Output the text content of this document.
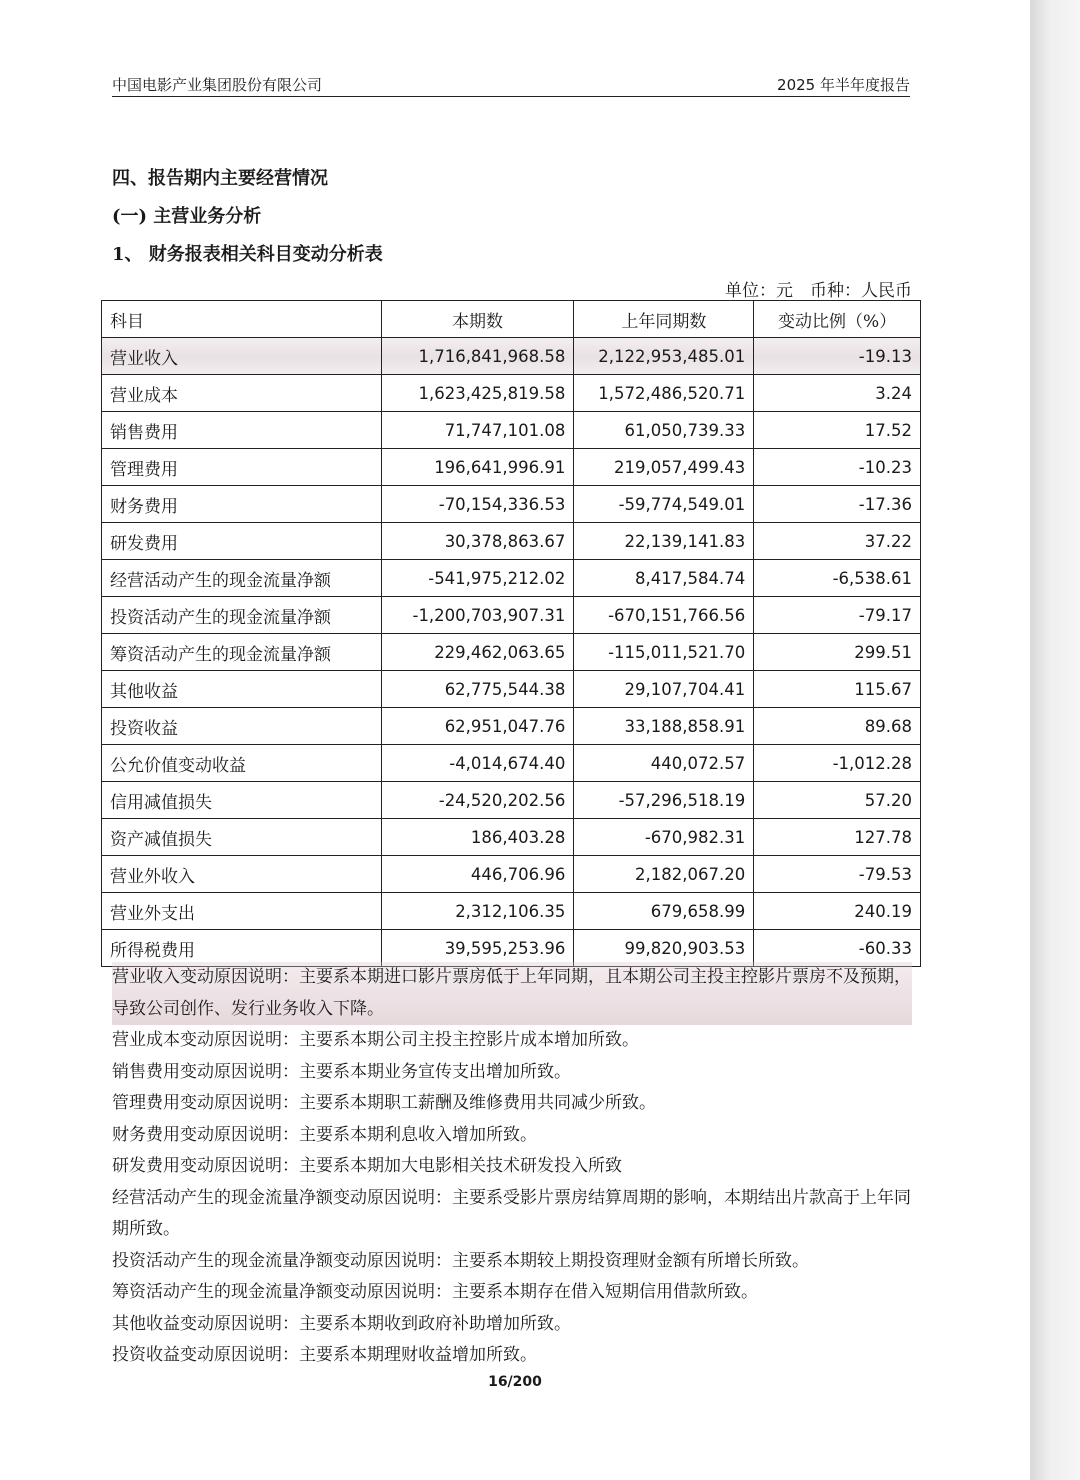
中国电影产业集团股份有限公司	2025 年半年度报告
四、报告期内主要经营情况
(一) 主营业务分析
1、 财务报表相关科目变动分析表
单位：元　币种：人民币
科目	本期数	上年同期数	变动比例（%）
营业收入	1,716,841,968.58	2,122,953,485.01	-19.13
营业成本	1,623,425,819.58	1,572,486,520.71	3.24
销售费用	71,747,101.08	61,050,739.33	17.52
管理费用	196,641,996.91	219,057,499.43	-10.23
财务费用	-70,154,336.53	-59,774,549.01	-17.36
研发费用	30,378,863.67	22,139,141.83	37.22
经营活动产生的现金流量净额	-541,975,212.02	8,417,584.74	-6,538.61
投资活动产生的现金流量净额	-1,200,703,907.31	-670,151,766.56	-79.17
筹资活动产生的现金流量净额	229,462,063.65	-115,011,521.70	299.51
其他收益	62,775,544.38	29,107,704.41	115.67
投资收益	62,951,047.76	33,188,858.91	89.68
公允价值变动收益	-4,014,674.40	440,072.57	-1,012.28
信用减值损失	-24,520,202.56	-57,296,518.19	57.20
资产减值损失	186,403.28	-670,982.31	127.78
营业外收入	446,706.96	2,182,067.20	-79.53
营业外支出	2,312,106.35	679,658.99	240.19
所得税费用	39,595,253.96	99,820,903.53	-60.33

营业收入变动原因说明：主要系本期进口影片票房低于上年同期，且本期公司主投主控影片票房不及预期，导致公司创作、发行业务收入下降。

营业成本变动原因说明：主要系本期公司主投主控影片成本增加所致。

销售费用变动原因说明：主要系本期业务宣传支出增加所致。

管理费用变动原因说明：主要系本期职工薪酬及维修费用共同减少所致。

财务费用变动原因说明：主要系本期利息收入增加所致。

研发费用变动原因说明：主要系本期加大电影相关技术研发投入所致

经营活动产生的现金流量净额变动原因说明：主要系受影片票房结算周期的影响，本期结出片款高于上年同期所致。

投资活动产生的现金流量净额变动原因说明：主要系本期较上期投资理财金额有所增长所致。

筹资活动产生的现金流量净额变动原因说明：主要系本期存在借入短期信用借款所致。

其他收益变动原因说明：主要系本期收到政府补助增加所致。

投资收益变动原因说明：主要系本期理财收益增加所致。

16/200
